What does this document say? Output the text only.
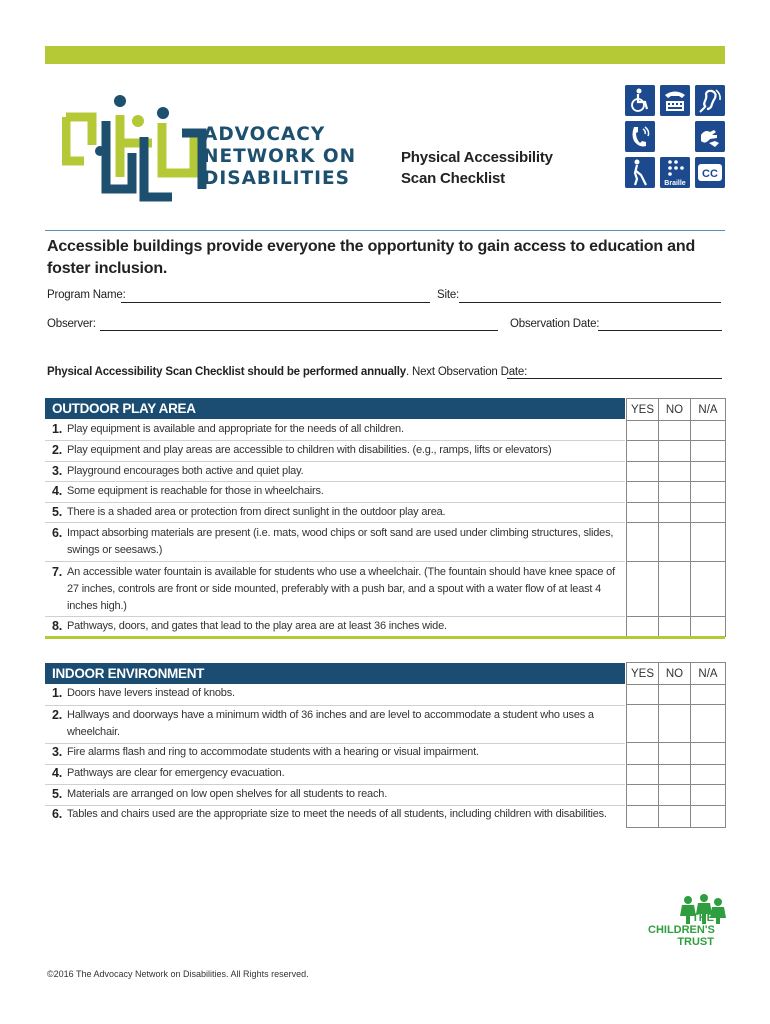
ADVOCACY
NETWORK ON
DISABILITIES
Physical Accessibility
Scan Checklist	Braille
CC
Accessible buildings provide everyone the opportunity to gain access to education and foster inclusion.
Program Name:	Site:
Observer:	Observation Date:
Physical Accessibility Scan Checklist should be performed annually. Next Observation Date:
OUTDOOR PLAY AREA	YES	NO	N/A
1. Play equipment is available and appropriate for the needs of all children.
2. Play equipment and play areas are accessible to children with disabilities. (e.g., ramps, lifts or elevators)
3. Playground encourages both active and quiet play.
4. Some equipment is reachable for those in wheelchairs.
5. There is a shaded area or protection from direct sunlight in the outdoor play area.
6. Impact absorbing materials are present (i.e. mats, wood chips or soft sand are used under climbing structures, slides, swings or seesaws.)
7. An accessible water fountain is available for students who use a wheelchair. (The fountain should have knee space of 27 inches, controls are front or side mounted, preferably with a push bar, and a spout with a water flow of at least 4 inches high.)
8. Pathways, doors, and gates that lead to the play area are at least 36 inches wide.
INDOOR ENVIRONMENT	YES	NO	N/A
1. Doors have levers instead of knobs.
2. Hallways and doorways have a minimum width of 36 inches and are level to accommodate a student who uses a wheelchair.
3. Fire alarms flash and ring to accommodate students with a hearing or visual impairment.
4. Pathways are clear for emergency evacuation.
5. Materials are arranged on low open shelves for all students to reach.
6. Tables and chairs used are the appropriate size to meet the needs of all students, including children with disabilities.
THE
CHILDREN'S
TRUST
©2016 The Advocacy Network on Disabilities. All Rights reserved.
